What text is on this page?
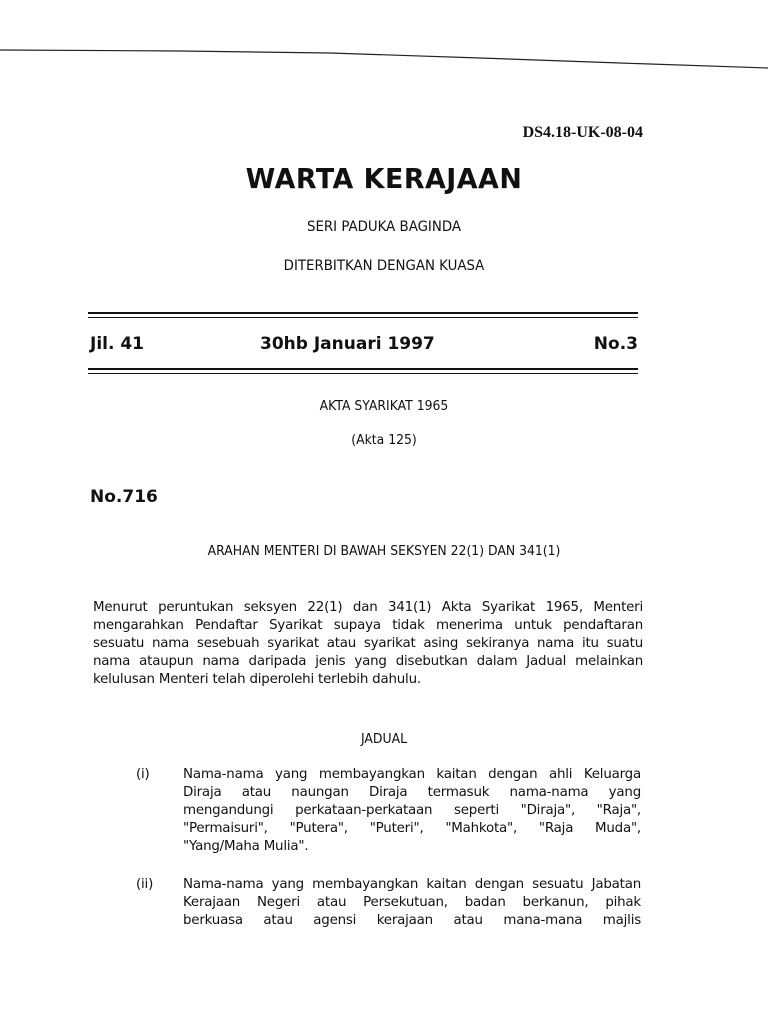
DS4.18-UK-08-04
WARTA KERAJAAN
SERI PADUKA BAGINDA
DITERBITKAN DENGAN KUASA
Jil. 41	30hb Januari 1997	No.3
AKTA SYARIKAT 1965
(Akta 125)
No.716
ARAHAN MENTERI DI BAWAH SEKSYEN 22(1) DAN 341(1)
Menurut peruntukan seksyen 22(1) dan 341(1) Akta Syarikat 1965, Menteri
mengarahkan Pendaftar Syarikat supaya tidak menerima untuk pendaftaran
sesuatu nama sesebuah syarikat atau syarikat asing sekiranya nama itu suatu
nama ataupun nama daripada jenis yang disebutkan dalam Jadual melainkan
kelulusan Menteri telah diperolehi terlebih dahulu.
JADUAL
(i) Nama-nama yang membayangkan kaitan dengan ahli Keluarga
Diraja atau naungan Diraja termasuk nama-nama yang
mengandungi perkataan-perkataan seperti "Diraja", "Raja",
"Permaisuri", "Putera", "Puteri", "Mahkota", "Raja Muda",
"Yang/Maha Mulia".
(ii) Nama-nama yang membayangkan kaitan dengan sesuatu Jabatan
Kerajaan Negeri atau Persekutuan, badan berkanun, pihak
berkuasa atau agensi kerajaan atau mana-mana majlis
